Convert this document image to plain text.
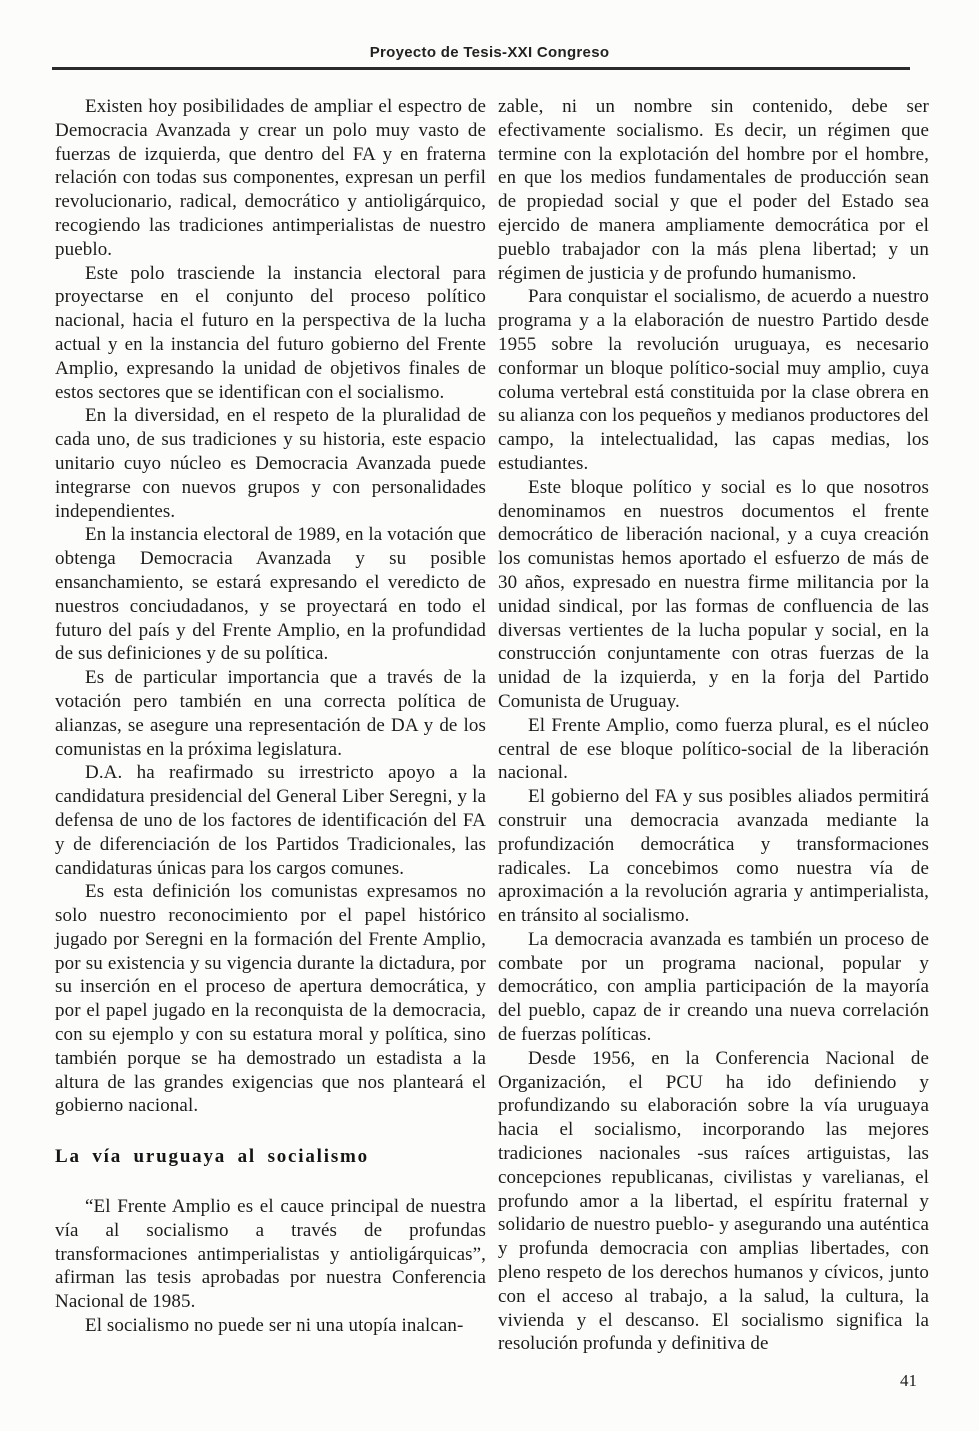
Proyecto de Tesis-XXI Congreso

Existen hoy posibilidades de ampliar el espectro de Democracia Avanzada y crear un polo muy vasto de fuerzas de izquierda, que dentro del FA y en fraterna relación con todas sus componentes, expresan un perfil revolucionario, radical, democrático y antioligárquico, recogiendo las tradiciones antimperialistas de nuestro pueblo.

Este polo trasciende la instancia electoral para proyectarse en el conjunto del proceso político nacional, hacia el futuro en la perspectiva de la lucha actual y en la instancia del futuro gobierno del Frente Amplio, expresando la unidad de objetivos finales de estos sectores que se identifican con el socialismo.

En la diversidad, en el respeto de la pluralidad de cada uno, de sus tradiciones y su historia, este espacio unitario cuyo núcleo es Democracia Avanzada puede integrarse con nuevos grupos y con personalidades independientes.

En la instancia electoral de 1989, en la votación que obtenga Democracia Avanzada y su posible ensanchamiento, se estará expresando el veredicto de nuestros conciudadanos, y se proyectará en todo el futuro del país y del Frente Amplio, en la profundidad de sus definiciones y de su política.

Es de particular importancia que a través de la votación pero también en una correcta política de alianzas, se asegure una representación de DA y de los comunistas en la próxima legislatura.

D.A. ha reafirmado su irrestricto apoyo a la candidatura presidencial del General Liber Seregni, y la defensa de uno de los factores de identificación del FA y de diferenciación de los Partidos Tradicionales, las candidaturas únicas para los cargos comunes.

Es esta definición los comunistas expresamos no solo nuestro reconocimiento por el papel histórico jugado por Seregni en la formación del Frente Amplio, por su existencia y su vigencia durante la dictadura, por su inserción en el proceso de apertura democrática, y por el papel jugado en la reconquista de la democracia, con su ejemplo y con su estatura moral y política, sino también porque se ha demostrado un estadista a la altura de las grandes exigencias que nos planteará el gobierno nacional.

La vía uruguaya al socialismo

“El Frente Amplio es el cauce principal de nuestra vía al socialismo a través de profundas transformaciones antimperialistas y antioligárquicas”, afirman las tesis aprobadas por nuestra Conferencia Nacional de 1985.

El socialismo no puede ser ni una utopía inalcan-

zable, ni un nombre sin contenido, debe ser efectivamente socialismo. Es decir, un régimen que termine con la explotación del hombre por el hombre, en que los medios fundamentales de producción sean de propiedad social y que el poder del Estado sea ejercido de manera ampliamente democrática por el pueblo trabajador con la más plena libertad; y un régimen de justicia y de profundo humanismo.

Para conquistar el socialismo, de acuerdo a nuestro programa y a la elaboración de nuestro Partido desde 1955 sobre la revolución uruguaya, es necesario conformar un bloque político-social muy amplio, cuya columa vertebral está constituida por la clase obrera en su alianza con los pequeños y medianos productores del campo, la intelectualidad, las capas medias, los estudiantes.

Este bloque político y social es lo que nosotros denominamos en nuestros documentos el frente democrático de liberación nacional, y a cuya creación los comunistas hemos aportado el esfuerzo de más de 30 años, expresado en nuestra firme militancia por la unidad sindical, por las formas de confluencia de las diversas vertientes de la lucha popular y social, en la construcción conjuntamente con otras fuerzas de la unidad de la izquierda, y en la forja del Partido Comunista de Uruguay.

El Frente Amplio, como fuerza plural, es el núcleo central de ese bloque político-social de la liberación nacional.

El gobierno del FA y sus posibles aliados permitirá construir una democracia avanzada mediante la profundización democrática y transformaciones radicales. La concebimos como nuestra vía de aproximación a la revolución agraria y antimperialista, en tránsito al socialismo.

La democracia avanzada es también un proceso de combate por un programa nacional, popular y democrático, con amplia participación de la mayoría del pueblo, capaz de ir creando una nueva correlación de fuerzas políticas.

Desde 1956, en la Conferencia Nacional de Organización, el PCU ha ido definiendo y profundizando su elaboración sobre la vía uruguaya hacia el socialismo, incorporando las mejores tradiciones nacionales -sus raíces artiguistas, las concepciones republicanas, civilistas y varelianas, el profundo amor a la libertad, el espíritu fraternal y solidario de nuestro pueblo- y asegurando una auténtica y profunda democracia con amplias libertades, con pleno respeto de los derechos humanos y cívicos, junto con el acceso al trabajo, a la salud, la cultura, la vivienda y el descanso. El socialismo significa la resolución profunda y definitiva de

41
